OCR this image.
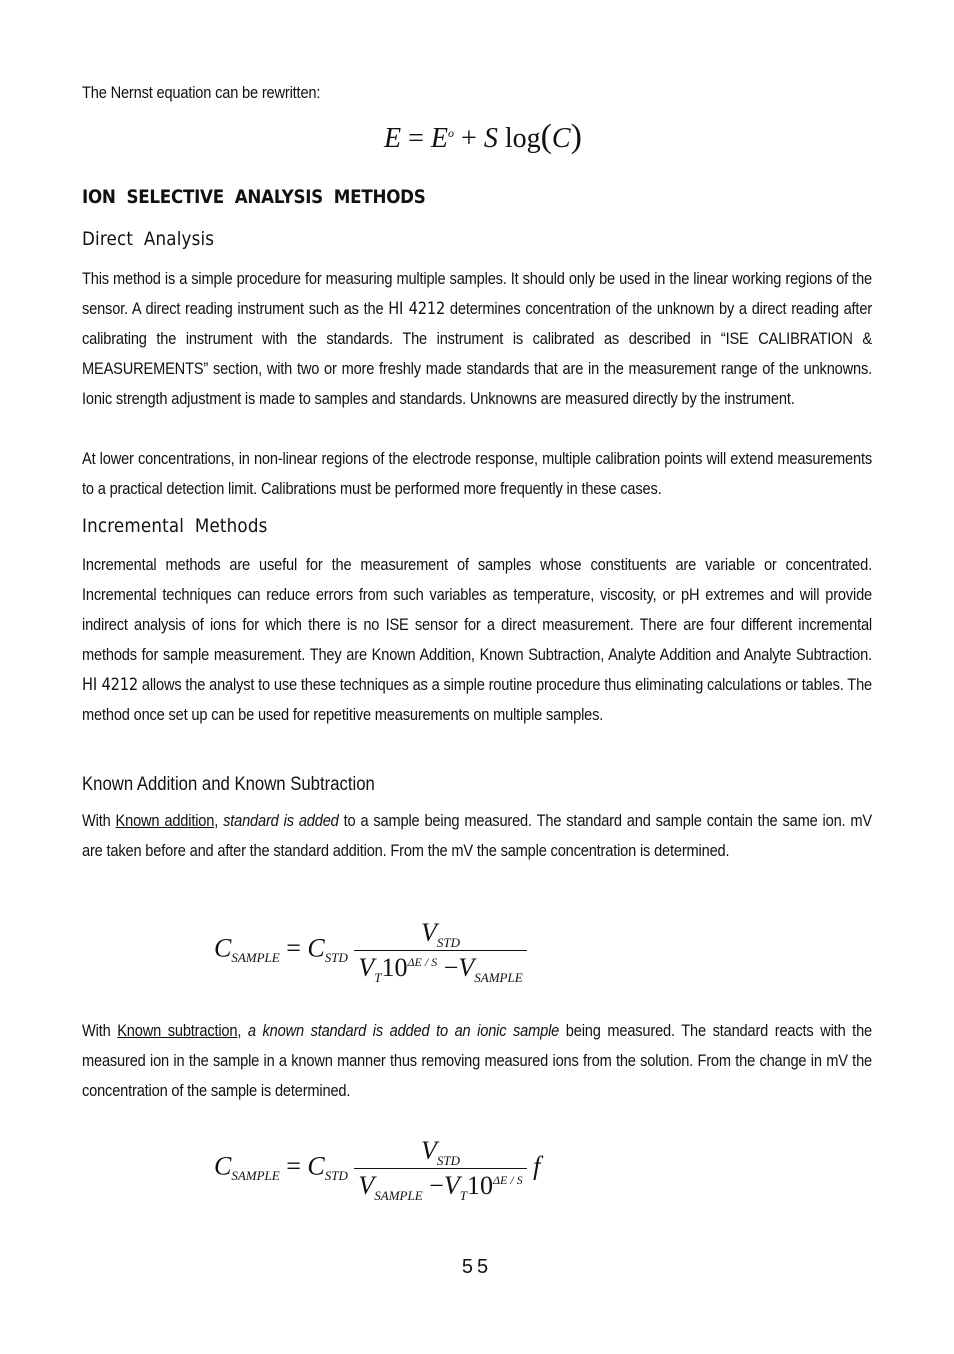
The Nernst equation can be rewritten:
$E = E^o + S$ log(C)
ION SELECTIVE ANALYSIS METHODS
Direct Analysis
This method is a simple procedure for measuring multiple samples. It should only be used in the linear working regions of the sensor. A direct reading instrument such as the HI 4212 determines concentration of the unknown by a direct reading after calibrating the instrument with the standards. The instrument is calibrated as described in “ISE CALIBRATION & MEASUREMENTS” section, with two or more freshly made standards that are in the measurement range of the unknowns. Ionic strength adjustment is made to samples and standards. Unknowns are measured directly by the instrument.
At lower concentrations, in non-linear regions of the electrode response, multiple calibration points will extend measurements to a practical detection limit. Calibrations must be performed more frequently in these cases.
Incremental Methods
Incremental methods are useful for the measurement of samples whose constituents are variable or concentrated. Incremental techniques can reduce errors from such variables as temperature, viscosity, or pH extremes and will provide indirect analysis of ions for which there is no ISE sensor for a direct measurement. There are four different incremental methods for sample measurement. They are Known Addition, Known Subtraction, Analyte Addition and Analyte Subtraction. HI 4212 allows the analyst to use these techniques as a simple routine procedure thus eliminating calculations or tables. The method once set up can be used for repetitive measurements on multiple samples.
Known Addition and Known Subtraction
With Known addition, standard is added to a sample being measured. The standard and sample contain the same ion. mV are taken before and after the standard addition. From the mV the sample concentration is determined.
$C_{SAMPLE} = C_{STD} \frac{V_{STD}}{V_T10^{\Delta E / S} -V_{SAMPLE}}$
With Known subtraction, a known standard is added to an ionic sample being measured. The standard reacts with the measured ion in the sample in a known manner thus removing measured ions from the solution. From the change in mV the concentration of the sample is determined.
$C_{SAMPLE} = C_{STD} \frac{V_{STD}}{V_{SAMPLE} -V_T10^{\Delta E / S}}$ f
55
